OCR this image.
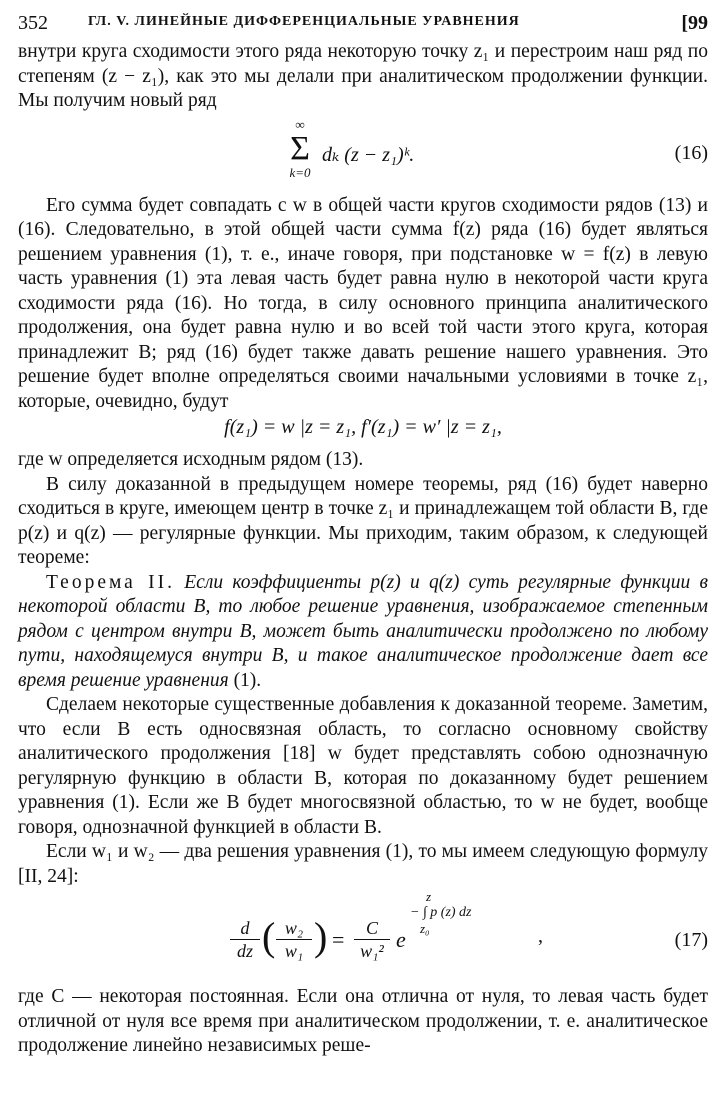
352	ГЛ. V. ЛИНЕЙНЫЕ ДИФФЕРЕНЦИАЛЬНЫЕ УРАВНЕНИЯ	[99

внутри круга сходимости этого ряда некоторую точку z₁ и перестроим наш ряд по степеням (z − z₁), как это мы делали при аналитическом продолжении функции. Мы получим новый ряд

∞
Σ
k=0
dₖ (z − z₁)ᵏ.	(16)

Его сумма будет совпадать с w в общей части кругов сходимости рядов (13) и (16). Следовательно, в этой общей части сумма f(z) ряда (16) будет являться решением уравнения (1), т. е., иначе говоря, при подстановке w = f(z) в левую часть уравнения (1) эта левая часть будет равна нулю в некоторой части круга сходимости ряда (16). Но тогда, в силу основного принципа аналитического продолжения, она будет равна нулю и во всей той части этого круга, которая принадлежит B; ряд (16) будет также давать решение нашего уравнения. Это решение будет вполне определяться своими начальными условиями в точке z₁, которые, очевидно, будут

f(z₁) = w |z = z₁, f′(z₁) = w′ |z = z₁,

где w определяется исходным рядом (13).

В силу доказанной в предыдущем номере теоремы, ряд (16) будет наверно сходиться в круге, имеющем центр в точке z₁ и принадлежащем той области B, где p(z) и q(z) — регулярные функции. Мы приходим, таким образом, к следующей теореме:

Теорема II. Если коэффициенты p(z) и q(z) суть регулярные функции в некоторой области B, то любое решение уравнения, изображаемое степенным рядом с центром внутри B, может быть аналитически продолжено по любому пути, находящемуся внутри B, и такое аналитическое продолжение дает все время решение уравнения (1).

Сделаем некоторые существенные добавления к доказанной теореме. Заметим, что если B есть односвязная область, то согласно основному свойству аналитического продолжения [18] w будет представлять собою однозначную регулярную функцию в области B, которая по доказанному будет решением уравнения (1). Если же B будет многосвязной областью, то w не будет, вообще говоря, однозначной функцией в области B.

Если w₁ и w₂ — два решения уравнения (1), то мы имеем следующую формулу [II, 24]:

$\frac{d}{dz}$ ( $\frac{\text{w₂}}{\text{w₁}}$ ) = $\frac{C}{\text{w₁²}}$ e
z
− ∫ p (z) dz
z₀	,	(17)

где C — некоторая постоянная. Если она отлична от нуля, то левая часть будет отличной от нуля все время при аналитическом продолжении, т. е. аналитическое продолжение линейно независимых реше-
